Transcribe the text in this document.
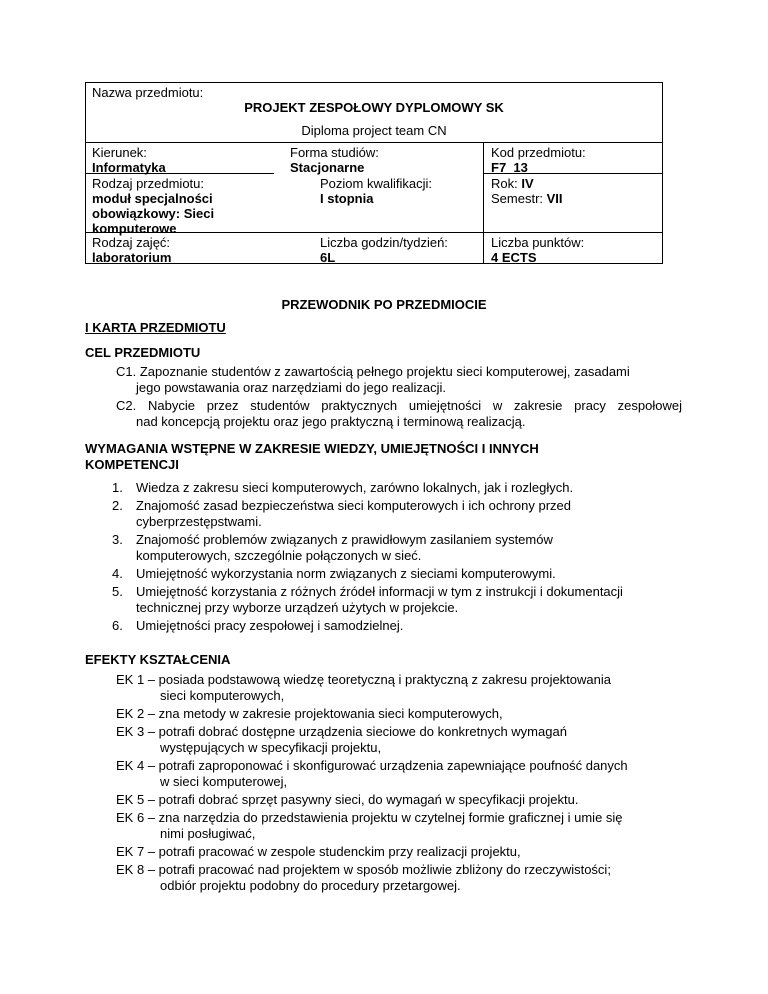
Nazwa przedmiotu:
PROJEKT ZESPOŁOWY DYPLOMOWY SK
Diploma project team CN
Kierunek:
Informatyka
Rodzaj przedmiotu:
moduł specjalności
obowiązkowy: Sieci
komputerowe
Forma studiów:
Stacjonarne
Poziom kwalifikacji:
I stopnia
Kod przedmiotu:
F7_13
Rok: IV
Semestr: VII
Rodzaj zajęć:
laboratorium
Liczba godzin/tydzień:
6L
Liczba punktów:
4 ECTS
PRZEWODNIK PO PRZEDMIOCIE
I KARTA PRZEDMIOTU
CEL PRZEDMIOTU
C1. Zapoznanie studentów z zawartością pełnego projektu sieci komputerowej, zasadami
jego powstawania oraz narzędziami do jego realizacji.
C2. Nabycie przez studentów praktycznych umiejętności w zakresie pracy zespołowej
nad koncepcją projektu oraz jego praktyczną i terminową realizacją.
WYMAGANIA WSTĘPNE W ZAKRESIE WIEDZY, UMIEJĘTNOŚCI I INNYCH
KOMPETENCJI
1. Wiedza z zakresu sieci komputerowych, zarówno lokalnych, jak i rozległych.
2. Znajomość zasad bezpieczeństwa sieci komputerowych i ich ochrony przed
cyberprzestępstwami.
3. Znajomość problemów związanych z prawidłowym zasilaniem systemów
komputerowych, szczególnie połączonych w sieć.
4. Umiejętność wykorzystania norm związanych z sieciami komputerowymi.
5. Umiejętność korzystania z różnych źródeł informacji w tym z instrukcji i dokumentacji
technicznej przy wyborze urządzeń użytych w projekcie.
6. Umiejętności pracy zespołowej i samodzielnej.
EFEKTY KSZTAŁCENIA
EK 1 – posiada podstawową wiedzę teoretyczną i praktyczną z zakresu projektowania
sieci komputerowych,
EK 2 – zna metody w zakresie projektowania sieci komputerowych,
EK 3 – potrafi dobrać dostępne urządzenia sieciowe do konkretnych wymagań
występujących w specyfikacji projektu,
EK 4 – potrafi zaproponować i skonfigurować urządzenia zapewniające poufność danych
w sieci komputerowej,
EK 5 – potrafi dobrać sprzęt pasywny sieci, do wymagań w specyfikacji projektu.
EK 6 – zna narzędzia do przedstawienia projektu w czytelnej formie graficznej i umie się
nimi posługiwać,
EK 7 – potrafi pracować w zespole studenckim przy realizacji projektu,
EK 8 – potrafi pracować nad projektem w sposób możliwie zbliżony do rzeczywistości;
odbiór projektu podobny do procedury przetargowej.
